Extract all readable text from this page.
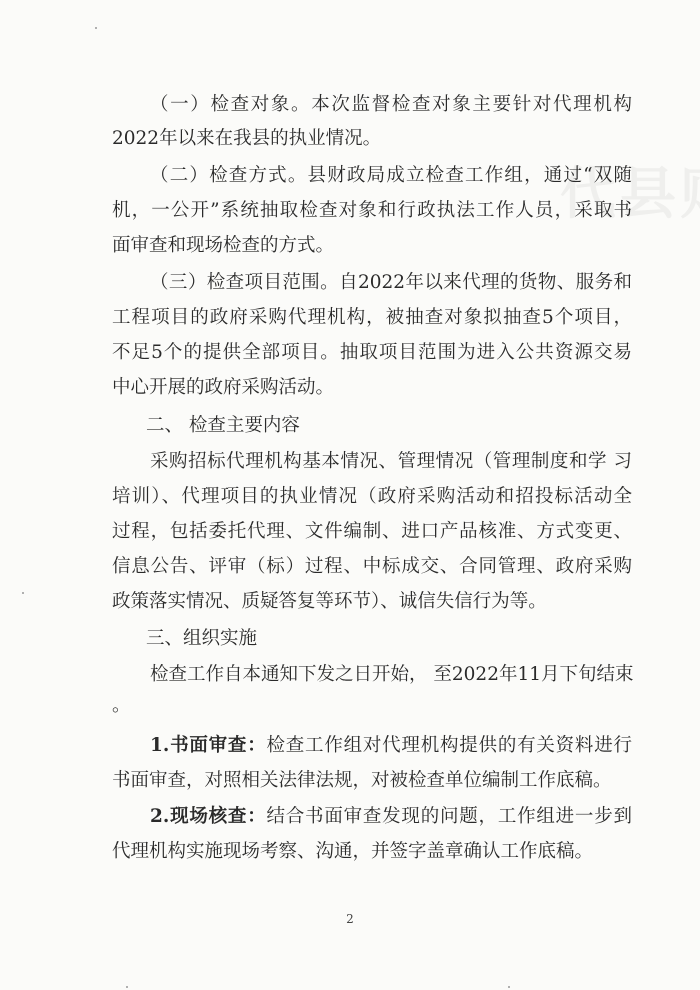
（一）检查对象。本次监督检查对象主要针对代理机构
2022年以来在我县的执业情况。
（二）检查方式。县财政局成立检查工作组，通过“双随
机，一公开”系统抽取检查对象和行政执法工作人员，采取书
面审查和现场检查的方式。
（三）检查项目范围。自2022年以来代理的货物、服务和
工程项目的政府采购代理机构，被抽查对象拟抽查5个项目，
不足5个的提供全部项目。抽取项目范围为进入公共资源交易
中心开展的政府采购活动。
二、 检查主要内容
采购招标代理机构基本情况、管理情况（管理制度和学 习
培训）、代理项目的执业情况（政府采购活动和招投标活动全
过程，包括委托代理、文件编制、进口产品核准、方式变更、
信息公告、评审（标）过程、中标成交、合同管理、政府采购
政策落实情况、质疑答复等环节）、诚信失信行为等。
三、组织实施
检查工作自本通知下发之日开始， 至2022年11月下旬结束
。
1.书面审查：检查工作组对代理机构提供的有关资料进行
书面审查，对照相关法律法规，对被检查单位编制工作底稿。
2.现场核查：结合书面审查发现的问题，工作组进一步到
代理机构实施现场考察、沟通，并签字盖章确认工作底稿。
2
